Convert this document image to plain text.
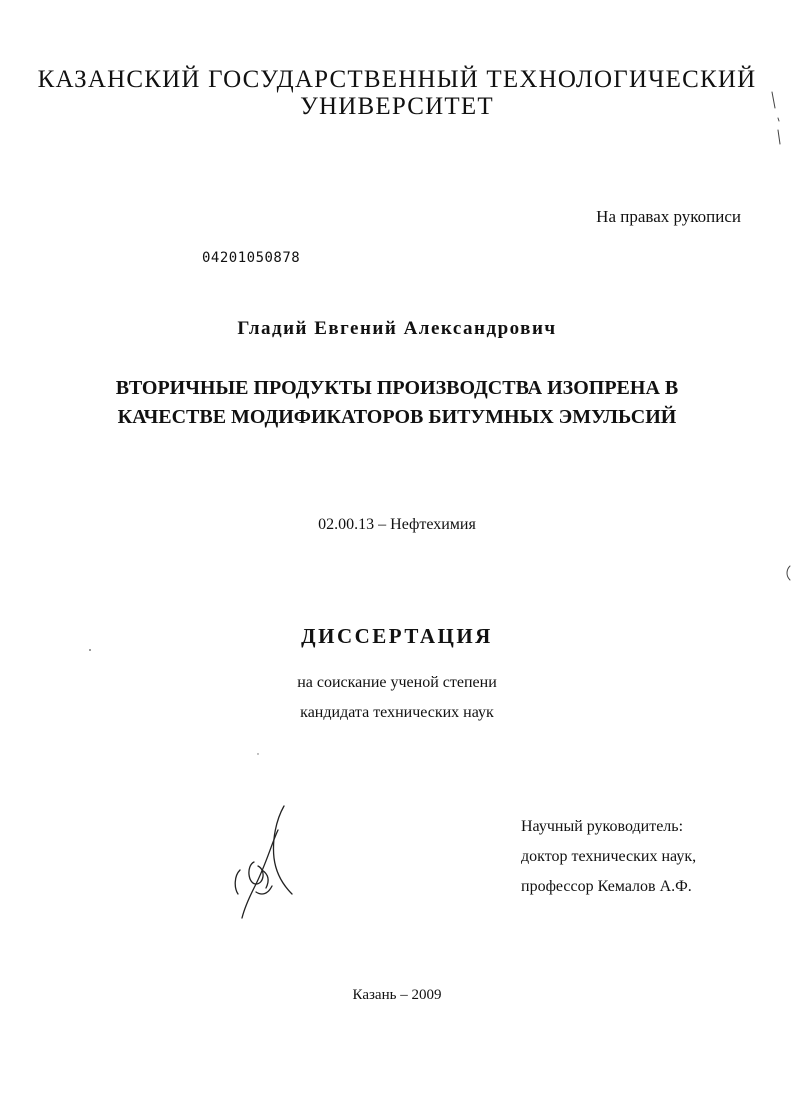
КАЗАНСКИЙ ГОСУДАРСТВЕННЫЙ ТЕХНОЛОГИЧЕСКИЙ
УНИВЕРСИТЕТ
На правах рукописи
04201050878
Гладий Евгений Александрович
ВТОРИЧНЫЕ ПРОДУКТЫ ПРОИЗВОДСТВА ИЗОПРЕНА В
КАЧЕСТВЕ МОДИФИКАТОРОВ БИТУМНЫХ ЭМУЛЬСИЙ
02.00.13 – Нефтехимия
ДИССЕРТАЦИЯ
на соискание ученой степени
кандидата технических наук
Научный руководитель:
доктор технических наук,
профессор Кемалов А.Ф.
Казань – 2009
